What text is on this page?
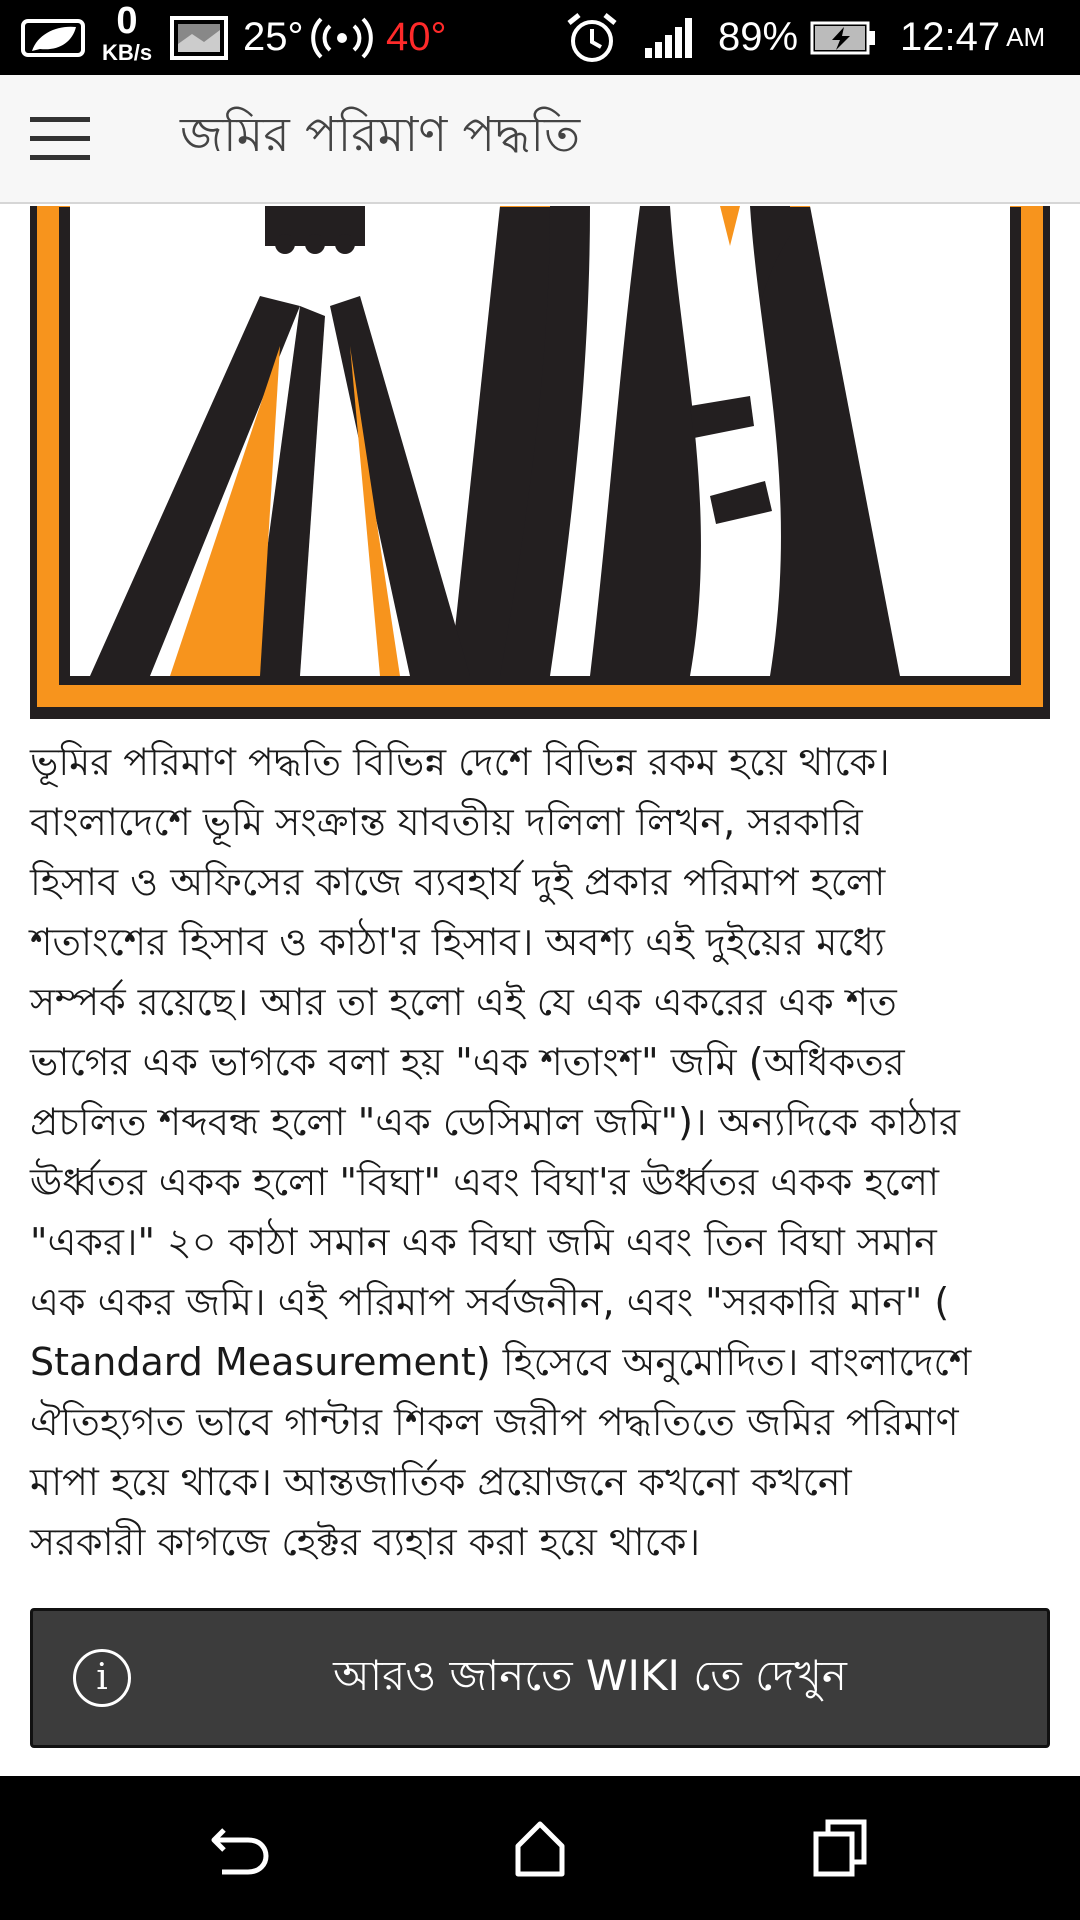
0
KB/s 25° 40°	89%	12:47 AM
জমির পরিমাণ পদ্ধতি
ভূমির পরিমাণ পদ্ধতি বিভিন্ন দেশে বিভিন্ন রকম হয়ে থাকে।
বাংলাদেশে ভূমি সংক্রান্ত যাবতীয় দলিলা লিখন, সরকারি
হিসাব ও অফিসের কাজে ব্যবহার্য দুই প্রকার পরিমাপ হলো
শতাংশের হিসাব ও কাঠা'র হিসাব। অবশ্য এই দুইয়ের মধ্যে
সম্পর্ক রয়েছে। আর তা হলো এই যে এক একরের এক শত
ভাগের এক ভাগকে বলা হয় "এক শতাংশ" জমি (অধিকতর
প্রচলিত শব্দবন্ধ হলো "এক ডেসিমাল জমি")। অন্যদিকে কাঠার
ঊর্ধ্বতর একক হলো "বিঘা" এবং বিঘা'র ঊর্ধ্বতর একক হলো
"একর।" ২০ কাঠা সমান এক বিঘা জমি এবং তিন বিঘা সমান
এক একর জমি। এই পরিমাপ সর্বজনীন, এবং "সরকারি মান" (
Standard Measurement) হিসেবে অনুমোদিত। বাংলাদেশে
ঐতিহ্যগত ভাবে গান্টার শিকল জরীপ পদ্ধতিতে জমির পরিমাণ
মাপা হয়ে থাকে। আন্তজার্তিক প্রয়োজনে কখনো কখনো
সরকারী কাগজে হেক্টর ব্যহার করা হয়ে থাকে।
i	আরও জানতে WIKI তে দেখুন
